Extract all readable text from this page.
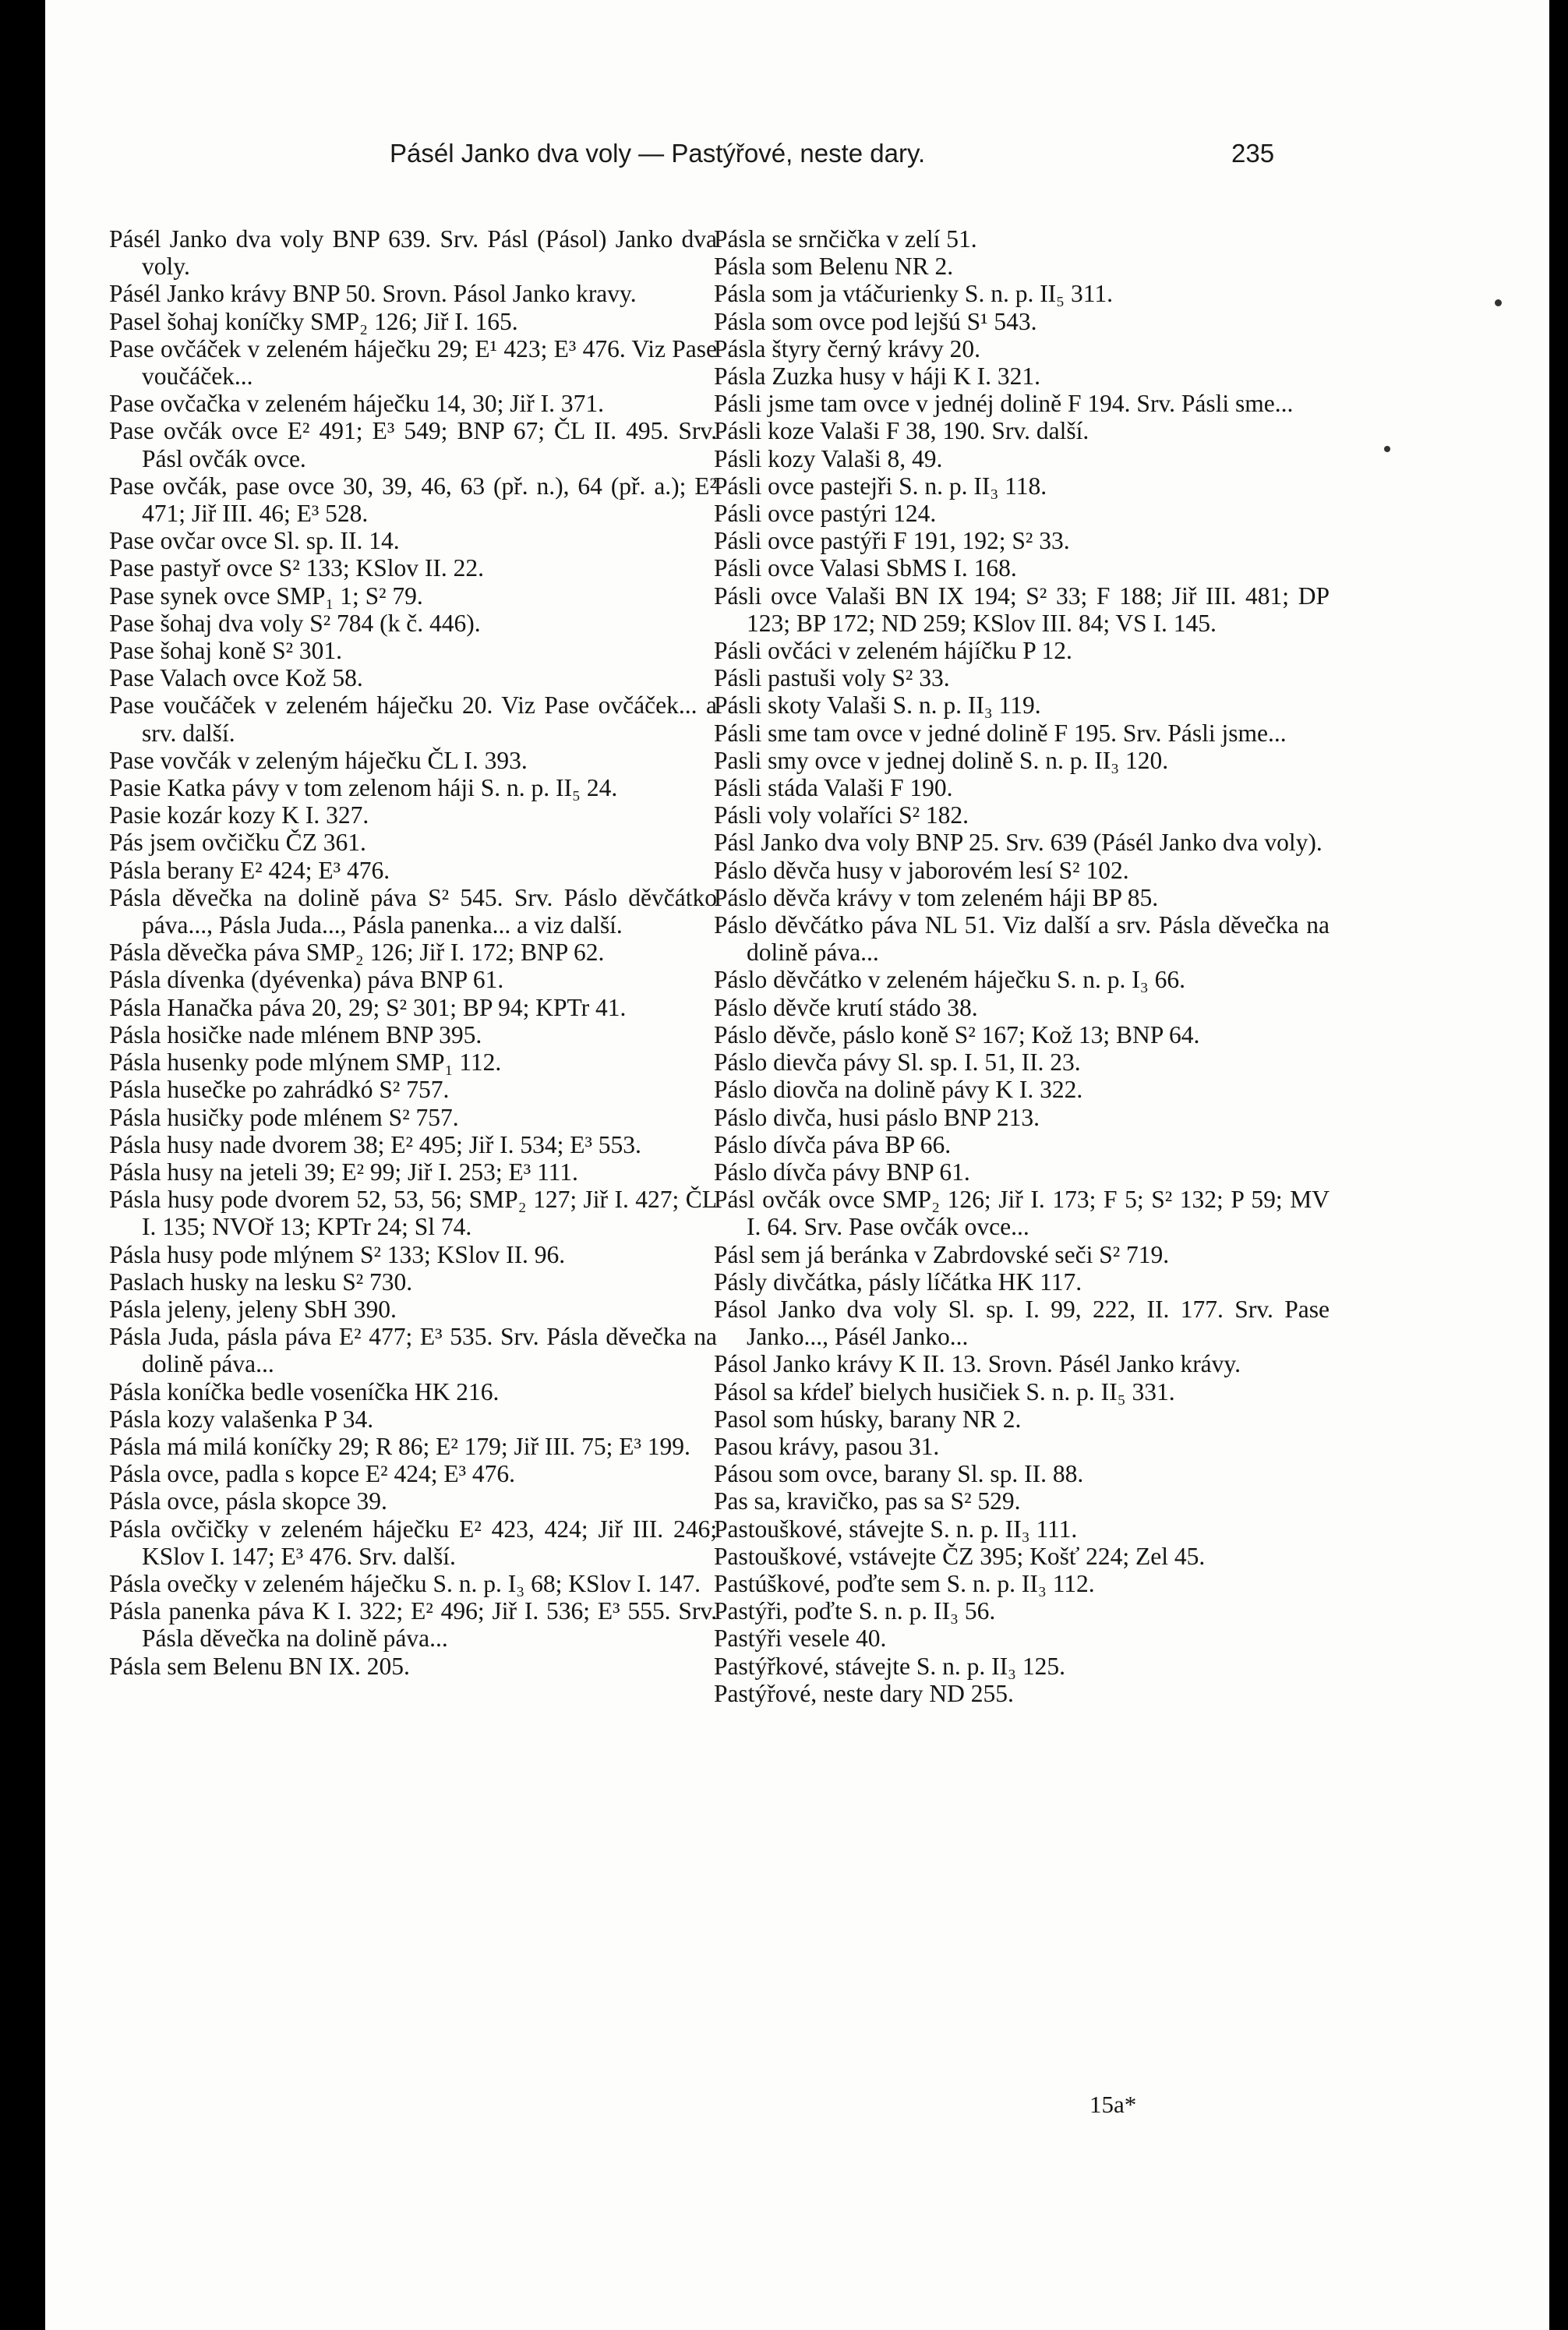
Pásél Janko dva voly — Pastýřové, neste dary.	235
Pásél Janko dva voly BNP 639. Srv. Pásl (Pásol) Janko dva voly.
Pásél Janko krávy BNP 50. Srovn. Pásol Janko kravy.
Pasel šohaj koníčky SMP₂ 126; Jiř I. 165.
Pase ovčáček v zeleném háječku 29; E¹ 423; E³ 476. Viz Pase voučáček...
Pase ovčačka v zeleném háječku 14, 30; Jiř I. 371.
Pase ovčák ovce E² 491; E³ 549; BNP 67; ČL II. 495. Srv. Pásl ovčák ovce.
Pase ovčák, pase ovce 30, 39, 46, 63 (př. n.), 64 (př. a.); E² 471; Jiř III. 46; E³ 528.
Pase ovčar ovce Sl. sp. II. 14.
Pase pastyř ovce S² 133; KSlov II. 22.
Pase synek ovce SMP₁ 1; S² 79.
Pase šohaj dva voly S² 784 (k č. 446).
Pase šohaj koně S² 301.
Pase Valach ovce Kož 58.
Pase voučáček v zeleném háječku 20. Viz Pase ovčáček... a srv. další.
Pase vovčák v zeleným háječku ČL I. 393.
Pasie Katka pávy v tom zelenom háji S. n. p. II₅ 24.
Pasie kozár kozy K I. 327.
Pás jsem ovčičku ČZ 361.
Pásla berany E² 424; E³ 476.
Pásla děvečka na dolině páva S² 545. Srv. Páslo děvčátko páva..., Pásla Juda..., Pásla panenka... a viz další.
Pásla děvečka páva SMP₂ 126; Jiř I. 172; BNP 62.
Pásla dívenka (dyévenka) páva BNP 61.
Pásla Hanačka páva 20, 29; S² 301; BP 94; KPTr 41.
Pásla hosičke nade mlénem BNP 395.
Pásla husenky pode mlýnem SMP₁ 112.
Pásla husečke po zahrádkó S² 757.
Pásla husičky pode mlénem S² 757.
Pásla husy nade dvorem 38; E² 495; Jiř I. 534; E³ 553.
Pásla husy na jeteli 39; E² 99; Jiř I. 253; E³ 111.
Pásla husy pode dvorem 52, 53, 56; SMP₂ 127; Jiř I. 427; ČL I. 135; NVOř 13; KPTr 24; Sl 74.
Pásla husy pode mlýnem S² 133; KSlov II. 96.
Paslach husky na lesku S² 730.
Pásla jeleny, jeleny SbH 390.
Pásla Juda, pásla páva E² 477; E³ 535. Srv. Pásla děvečka na dolině páva...
Pásla koníčka bedle voseníčka HK 216.
Pásla kozy valašenka P 34.
Pásla má milá koníčky 29; R 86; E² 179; Jiř III. 75; E³ 199.
Pásla ovce, padla s kopce E² 424; E³ 476.
Pásla ovce, pásla skopce 39.
Pásla ovčičky v zeleném háječku E² 423, 424; Jiř III. 246; KSlov I. 147; E³ 476. Srv. další.
Pásla ovečky v zeleném háječku S. n. p. I₃ 68; KSlov I. 147.
Pásla panenka páva K I. 322; E² 496; Jiř I. 536; E³ 555. Srv. Pásla děvečka na dolině páva...
Pásla sem Belenu BN IX. 205.
Pásla se srnčička v zelí 51.
Pásla som Belenu NR 2.
Pásla som ja vtáčurienky S. n. p. II₅ 311.
Pásla som ovce pod lejšú S¹ 543.
Pásla štyry černý krávy 20.
Pásla Zuzka husy v háji K I. 321.
Pásli jsme tam ovce v jednéj dolině F 194. Srv. Pásli sme...
Pásli koze Valaši F 38, 190. Srv. další.
Pásli kozy Valaši 8, 49.
Pásli ovce pastejři S. n. p. II₃ 118.
Pásli ovce pastýri 124.
Pásli ovce pastýři F 191, 192; S² 33.
Pásli ovce Valasi SbMS I. 168.
Pásli ovce Valaši BN IX 194; S² 33; F 188; Jiř III. 481; DP 123; BP 172; ND 259; KSlov III. 84; VS I. 145.
Pásli ovčáci v zeleném hájíčku P 12.
Pásli pastuši voly S² 33.
Pásli skoty Valaši S. n. p. II₃ 119.
Pásli sme tam ovce v jedné dolině F 195. Srv. Pásli jsme...
Pasli smy ovce v jednej dolině S. n. p. II₃ 120.
Pásli stáda Valaši F 190.
Pásli voly volaříci S² 182.
Pásl Janko dva voly BNP 25. Srv. 639 (Pásél Janko dva voly).
Páslo děvča husy v jaborovém lesí S² 102.
Páslo děvča krávy v tom zeleném háji BP 85.
Páslo děvčátko páva NL 51. Viz další a srv. Pásla děvečka na dolině páva...
Páslo děvčátko v zeleném háječku S. n. p. I₃ 66.
Páslo děvče krutí stádo 38.
Páslo děvče, páslo koně S² 167; Kož 13; BNP 64.
Páslo dievča pávy Sl. sp. I. 51, II. 23.
Páslo diovča na dolině pávy K I. 322.
Páslo divča, husi páslo BNP 213.
Páslo dívča páva BP 66.
Páslo dívča pávy BNP 61.
Pásl ovčák ovce SMP₂ 126; Jiř I. 173; F 5; S² 132; P 59; MV I. 64. Srv. Pase ovčák ovce...
Pásl sem já beránka v Zabrdovské seči S² 719.
Pásly divčátka, pásly líčátka HK 117.
Pásol Janko dva voly Sl. sp. I. 99, 222, II. 177. Srv. Pase Janko..., Pásél Janko...
Pásol Janko krávy K II. 13. Srovn. Pásél Janko krávy.
Pásol sa kŕdeľ bielych husičiek S. n. p. II₅ 331.
Pasol som húsky, barany NR 2.
Pasou krávy, pasou 31.
Pásou som ovce, barany Sl. sp. II. 88.
Pas sa, kravičko, pas sa S² 529.
Pastouškové, stávejte S. n. p. II₃ 111.
Pastouškové, vstávejte ČZ 395; Košť 224; Zel 45.
Pastúškové, poďte sem S. n. p. II₃ 112.
Pastýři, poďte S. n. p. II₃ 56.
Pastýři vesele 40.
Pastýřkové, stávejte S. n. p. II₃ 125.
Pastýřové, neste dary ND 255.
15a*
